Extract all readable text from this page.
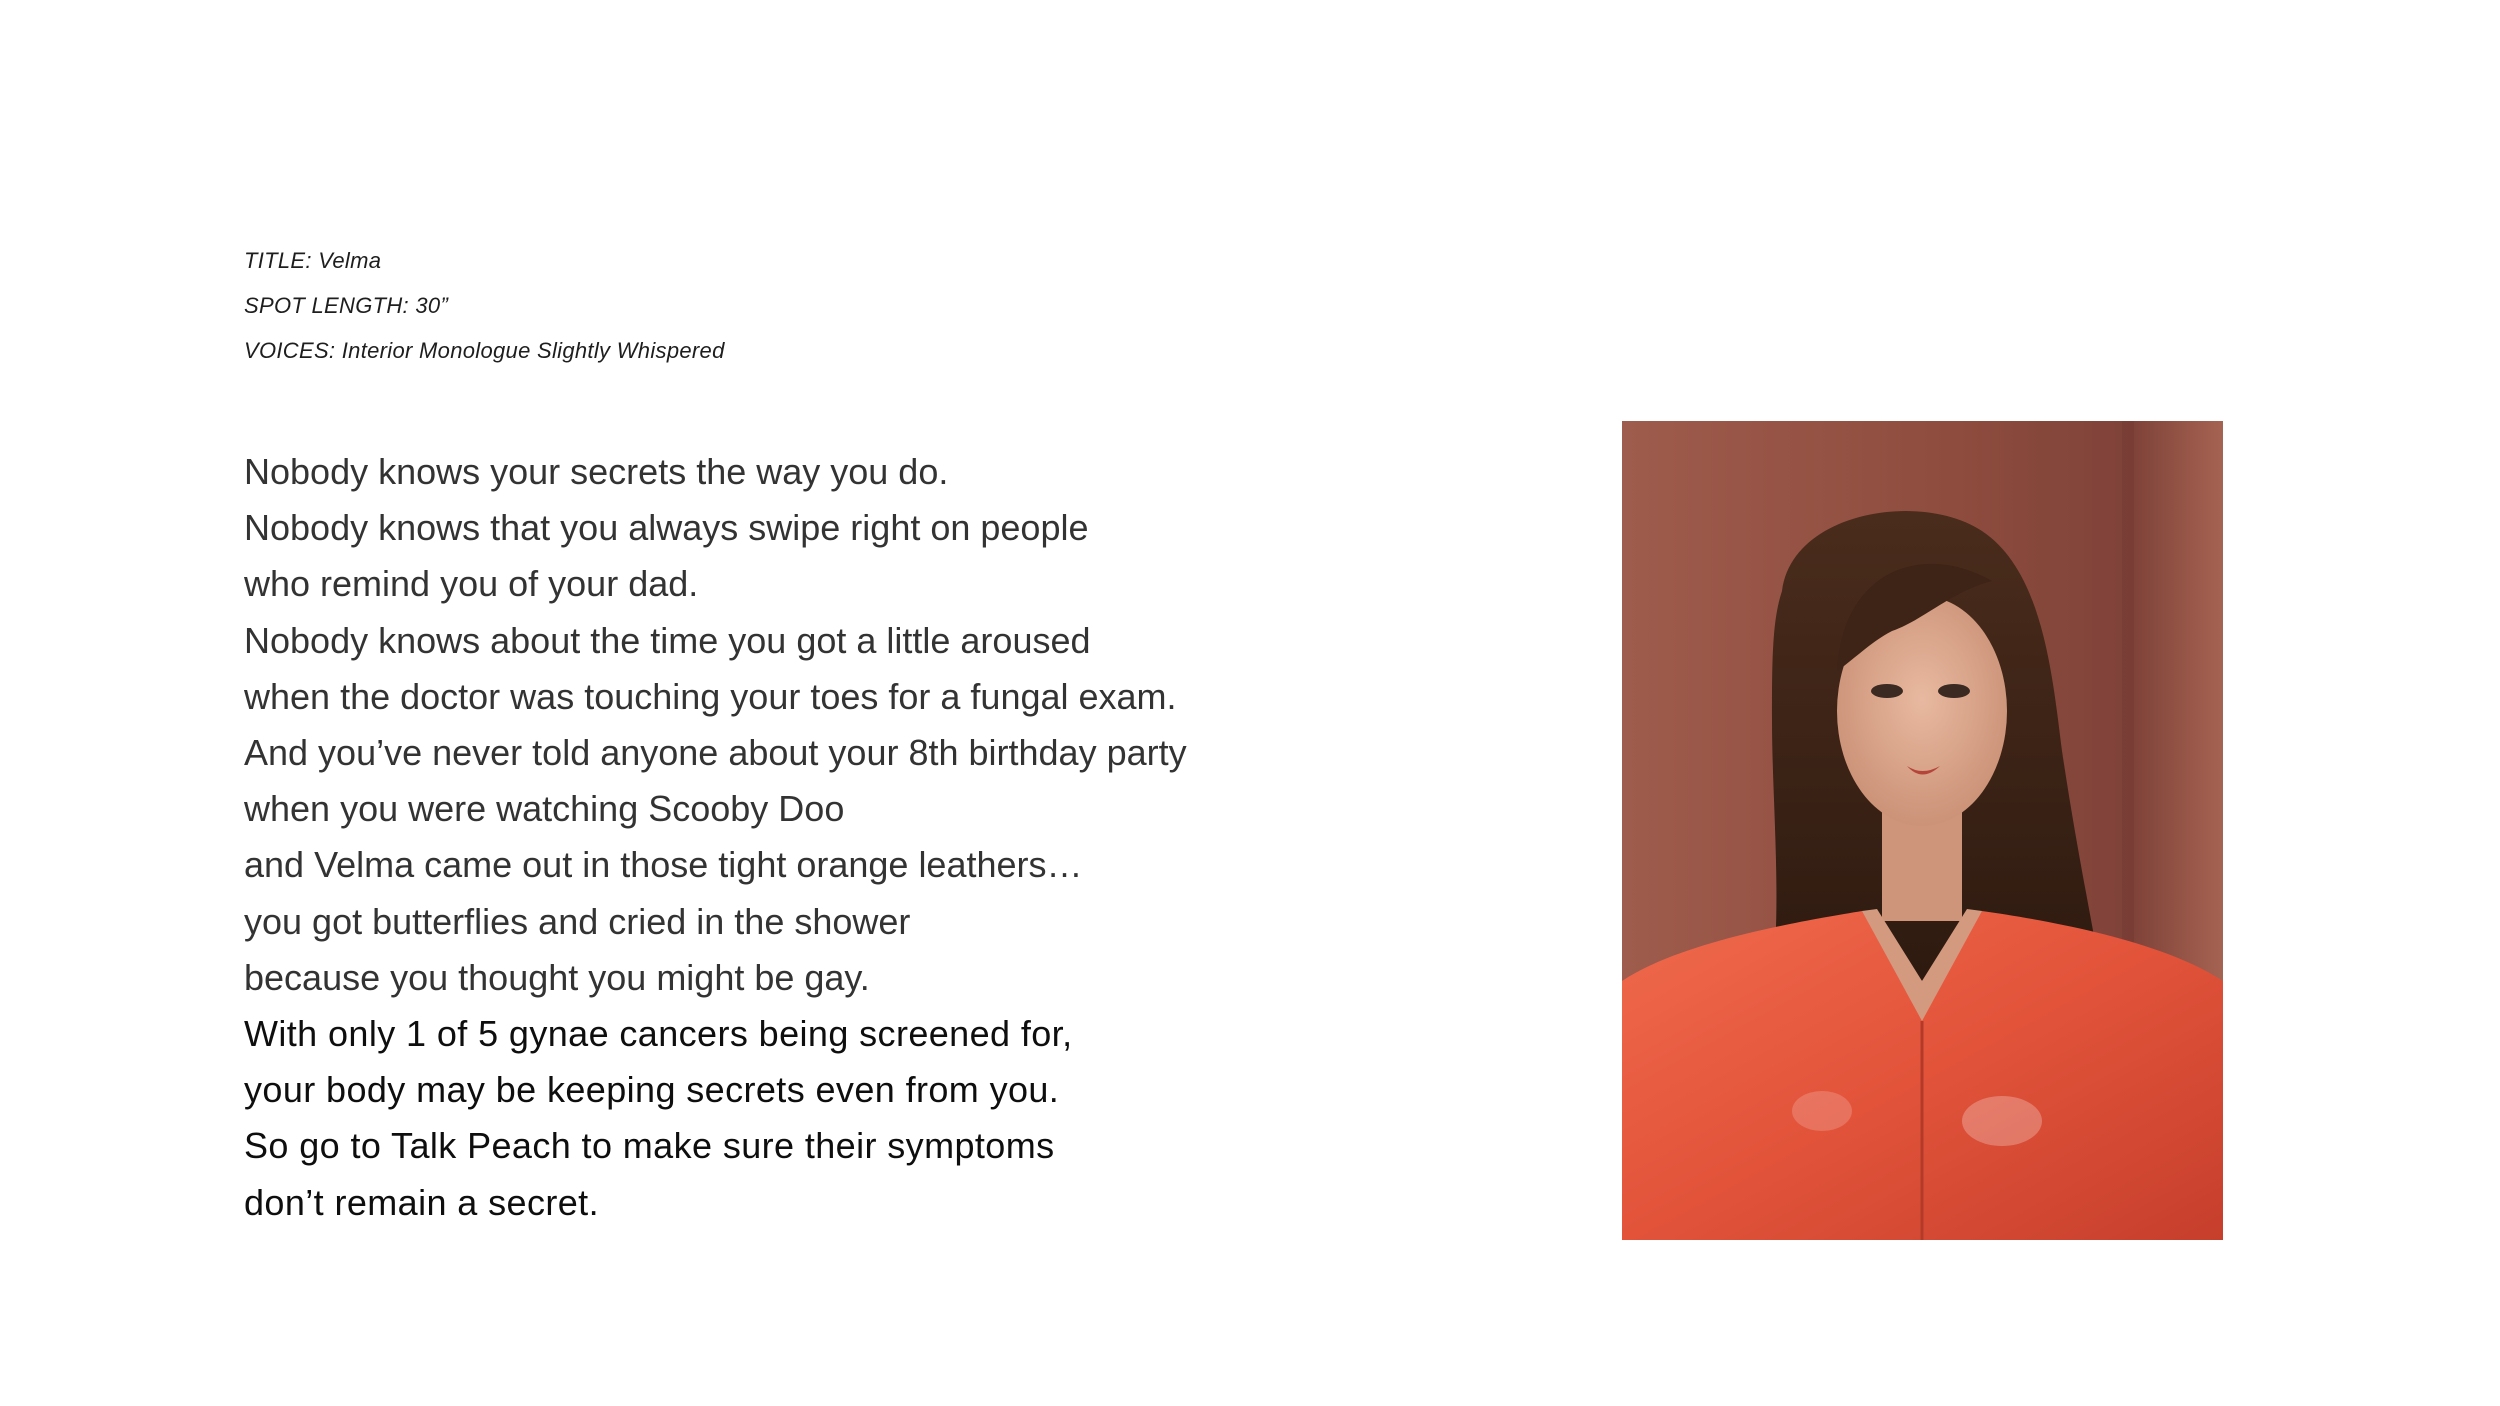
TITLE: Velma
SPOT LENGTH: 30”
VOICES: Interior Monologue Slightly Whispered
Nobody knows your secrets the way you do.
Nobody knows that you always swipe right on people
who remind you of your dad.
Nobody knows about the time you got a little aroused
when the doctor was touching your toes for a fungal exam.
And you’ve never told anyone about your 8th birthday party
when you were watching Scooby Doo
and Velma came out in those tight orange leathers…
you got butterflies and cried in the shower
because you thought you might be gay.
With only 1 of 5 gynae cancers being screened for,
your body may be keeping secrets even from you.
So go to Talk Peach to make sure their symptoms
don’t remain a secret.
